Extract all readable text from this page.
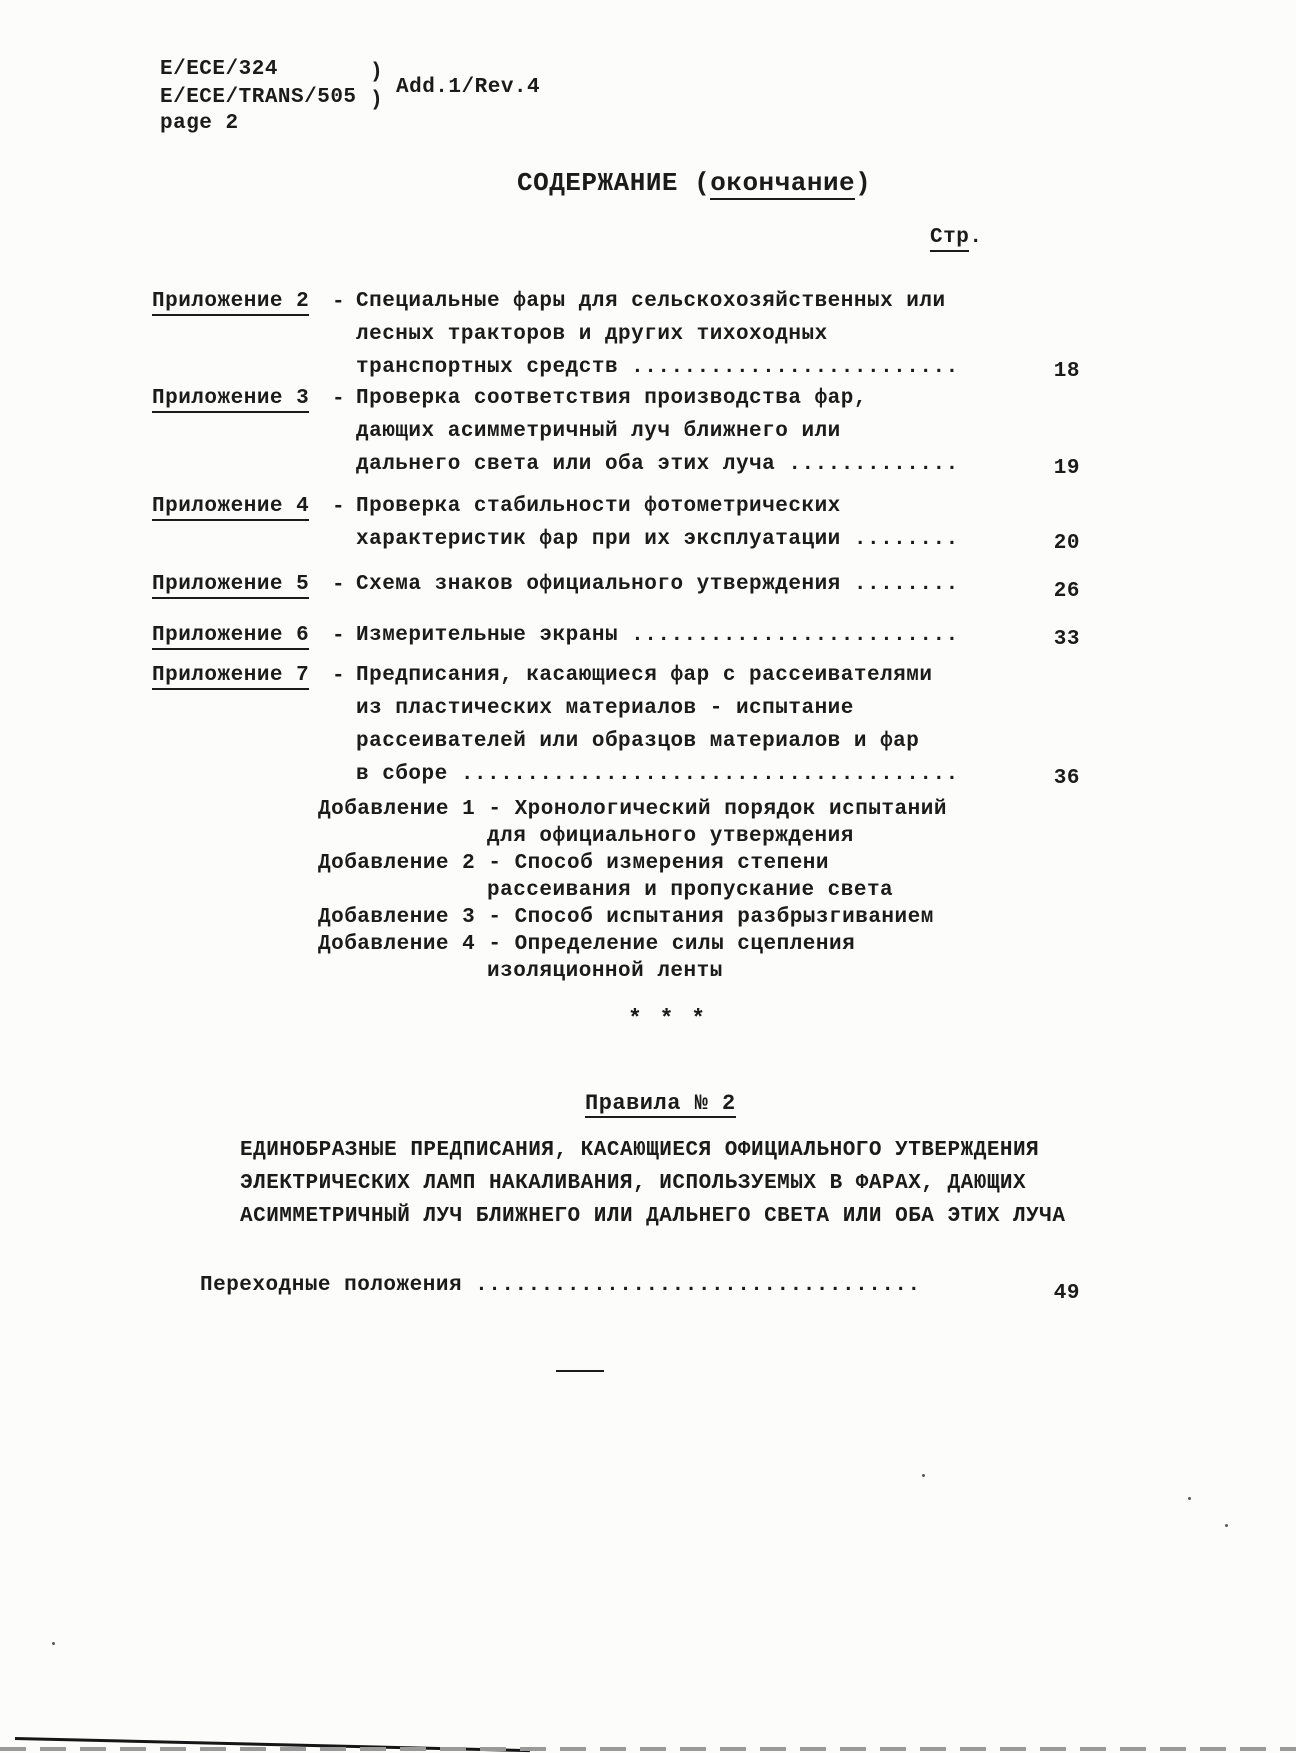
E/ECE/324
E/ECE/TRANS/505
)
)
Add.1/Rev.4
page 2
СОДЕРЖАНИЕ (окончание)
Стр.
Приложение 2 - Специальные фары для сельскохозяйственных или
лесных тракторов и других тихоходных
транспортных средств .........................	18
Приложение 3 - Проверка соответствия производства фар,
дающих асимметричный луч ближнего или
дальнего света или оба этих луча .............	19
Приложение 4 - Проверка стабильности фотометрических
характеристик фар при их эксплуатации ........	20
Приложение 5 - Схема знаков официального утверждения ........	26
Приложение 6 - Измерительные экраны .........................	33
Приложение 7 - Предписания, касающиеся фар с рассеивателями
из пластических материалов - испытание
рассеивателей или образцов материалов и фар
в сборе ......................................	36
Добавление 1 - Хронологический порядок испытаний
для официального утверждения
Добавление 2 - Способ измерения степени
рассеивания и пропускание света
Добавление 3 - Способ испытания разбрызгиванием
Добавление 4 - Определение силы сцепления
изоляционной ленты
* * *
Правила № 2
ЕДИНОБРАЗНЫЕ ПРЕДПИСАНИЯ, КАСАЮЩИЕСЯ ОФИЦИАЛЬНОГО УТВЕРЖДЕНИЯ
ЭЛЕКТРИЧЕСКИХ ЛАМП НАКАЛИВАНИЯ, ИСПОЛЬЗУЕМЫХ В ФАРАХ, ДАЮЩИХ
АСИММЕТРИЧНЫЙ ЛУЧ БЛИЖНЕГО ИЛИ ДАЛЬНЕГО СВЕТА ИЛИ ОБА ЭТИХ ЛУЧА
Переходные положения ..................................	49
